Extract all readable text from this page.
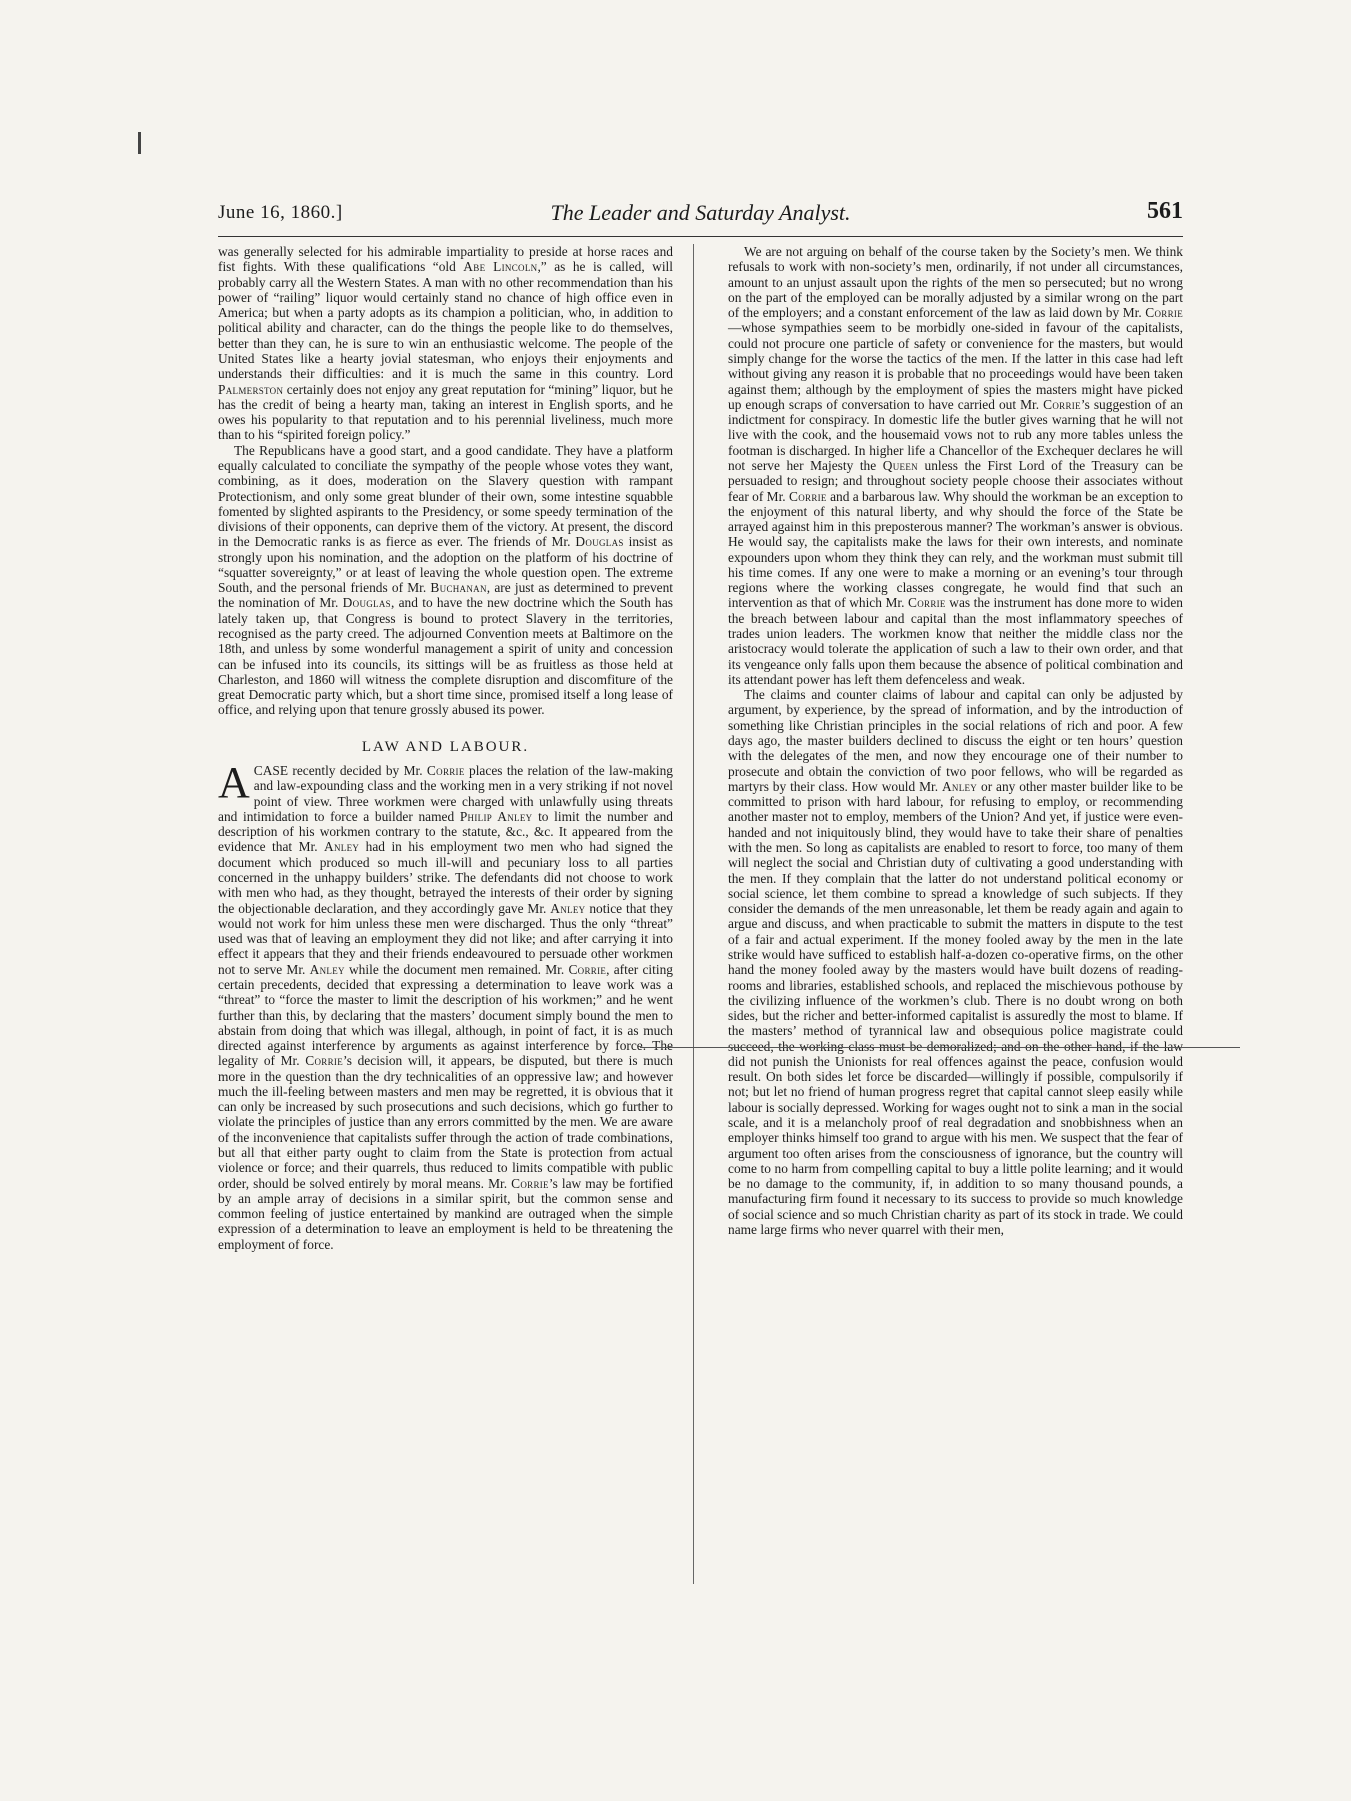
June 16, 1860.]	The Leader and Saturday Analyst.	561

was generally selected for his admirable impartiality to preside at horse races and fist fights. With these qualifications “old Abe Lincoln,” as he is called, will probably carry all the Western States. A man with no other recommendation than his power of “railing” liquor would certainly stand no chance of high office even in America; but when a party adopts as its champion a politician, who, in addition to political ability and character, can do the things the people like to do themselves, better than they can, he is sure to win an enthusiastic welcome. The people of the United States like a hearty jovial statesman, who enjoys their enjoyments and understands their difficulties: and it is much the same in this country. Lord Palmerston certainly does not enjoy any great reputation for “mining” liquor, but he has the credit of being a hearty man, taking an interest in English sports, and he owes his popularity to that reputation and to his perennial liveliness, much more than to his “spirited foreign policy.”

The Republicans have a good start, and a good candidate. They have a platform equally calculated to conciliate the sympathy of the people whose votes they want, combining, as it does, moderation on the Slavery question with rampant Protectionism, and only some great blunder of their own, some intestine squabble fomented by slighted aspirants to the Presidency, or some speedy termination of the divisions of their opponents, can deprive them of the victory. At present, the discord in the Democratic ranks is as fierce as ever. The friends of Mr. Douglas insist as strongly upon his nomination, and the adoption on the platform of his doctrine of “squatter sovereignty,” or at least of leaving the whole question open. The extreme South, and the personal friends of Mr. Buchanan, are just as determined to prevent the nomination of Mr. Douglas, and to have the new doctrine which the South has lately taken up, that Congress is bound to protect Slavery in the territories, recognised as the party creed. The adjourned Convention meets at Baltimore on the 18th, and unless by some wonderful management a spirit of unity and concession can be infused into its councils, its sittings will be as fruitless as those held at Charleston, and 1860 will witness the complete disruption and discomfiture of the great Democratic party which, but a short time since, promised itself a long lease of office, and relying upon that tenure grossly abused its power.

LAW AND LABOUR.

A CASE recently decided by Mr. Corrie places the relation of the law-making and law-expounding class and the working men in a very striking if not novel point of view. Three workmen were charged with unlawfully using threats and intimidation to force a builder named Philip Anley to limit the number and description of his workmen contrary to the statute, &c., &c. It appeared from the evidence that Mr. Anley had in his employment two men who had signed the document which produced so much ill-will and pecuniary loss to all parties concerned in the unhappy builders’ strike. The defendants did not choose to work with men who had, as they thought, betrayed the interests of their order by signing the objectionable declaration, and they accordingly gave Mr. Anley notice that they would not work for him unless these men were discharged. Thus the only “threat” used was that of leaving an employment they did not like; and after carrying it into effect it appears that they and their friends endeavoured to persuade other workmen not to serve Mr. Anley while the document men remained. Mr. Corrie, after citing certain precedents, decided that expressing a determination to leave work was a “threat” to “force the master to limit the description of his workmen;” and he went further than this, by declaring that the masters’ document simply bound the men to abstain from doing that which was illegal, although, in point of fact, it is as much directed against interference by arguments as against interference by force. The legality of Mr. Corrie’s decision will, it appears, be disputed, but there is much more in the question than the dry technicalities of an oppressive law; and however much the ill-feeling between masters and men may be regretted, it is obvious that it can only be increased by such prosecutions and such decisions, which go further to violate the principles of justice than any errors committed by the men. We are aware of the inconvenience that capitalists suffer through the action of trade combinations, but all that either party ought to claim from the State is protection from actual violence or force; and their quarrels, thus reduced to limits compatible with public order, should be solved entirely by moral means. Mr. Corrie’s law may be fortified by an ample array of decisions in a similar spirit, but the common sense and common feeling of justice entertained by mankind are outraged when the simple expression of a determination to leave an employment is held to be threatening the employment of force.

We are not arguing on behalf of the course taken by the Society’s men. We think refusals to work with non-society’s men, ordinarily, if not under all circumstances, amount to an unjust assault upon the rights of the men so persecuted; but no wrong on the part of the employed can be morally adjusted by a similar wrong on the part of the employers; and a constant enforcement of the law as laid down by Mr. Corrie—whose sympathies seem to be morbidly one-sided in favour of the capitalists, could not procure one particle of safety or convenience for the masters, but would simply change for the worse the tactics of the men. If the latter in this case had left without giving any reason it is probable that no proceedings would have been taken against them; although by the employment of spies the masters might have picked up enough scraps of conversation to have carried out Mr. Corrie’s suggestion of an indictment for conspiracy. In domestic life the butler gives warning that he will not live with the cook, and the housemaid vows not to rub any more tables unless the footman is discharged. In higher life a Chancellor of the Exchequer declares he will not serve her Majesty the Queen unless the First Lord of the Treasury can be persuaded to resign; and throughout society people choose their associates without fear of Mr. Corrie and a barbarous law. Why should the workman be an exception to the enjoyment of this natural liberty, and why should the force of the State be arrayed against him in this preposterous manner? The workman’s answer is obvious. He would say, the capitalists make the laws for their own interests, and nominate expounders upon whom they think they can rely, and the workman must submit till his time comes. If any one were to make a morning or an evening’s tour through regions where the working classes congregate, he would find that such an intervention as that of which Mr. Corrie was the instrument has done more to widen the breach between labour and capital than the most inflammatory speeches of trades union leaders. The workmen know that neither the middle class nor the aristocracy would tolerate the application of such a law to their own order, and that its vengeance only falls upon them because the absence of political combination and its attendant power has left them defenceless and weak.

The claims and counter claims of labour and capital can only be adjusted by argument, by experience, by the spread of information, and by the introduction of something like Christian principles in the social relations of rich and poor. A few days ago, the master builders declined to discuss the eight or ten hours’ question with the delegates of the men, and now they encourage one of their number to prosecute and obtain the conviction of two poor fellows, who will be regarded as martyrs by their class. How would Mr. Anley or any other master builder like to be committed to prison with hard labour, for refusing to employ, or recommending another master not to employ, members of the Union? And yet, if justice were even-handed and not iniquitously blind, they would have to take their share of penalties with the men. So long as capitalists are enabled to resort to force, too many of them will neglect the social and Christian duty of cultivating a good understanding with the men. If they complain that the latter do not understand political economy or social science, let them combine to spread a knowledge of such subjects. If they consider the demands of the men unreasonable, let them be ready again and again to argue and discuss, and when practicable to submit the matters in dispute to the test of a fair and actual experiment. If the money fooled away by the men in the late strike would have sufficed to establish half-a-dozen co-operative firms, on the other hand the money fooled away by the masters would have built dozens of reading-rooms and libraries, established schools, and replaced the mischievous pothouse by the civilizing influence of the workmen’s club. There is no doubt wrong on both sides, but the richer and better-informed capitalist is assuredly the most to blame. If the masters’ method of tyrannical law and obsequious police magistrate could succeed, the working class must be demoralized; and on the other hand, if the law did not punish the Unionists for real offences against the peace, confusion would result. On both sides let force be discarded—willingly if possible, compulsorily if not; but let no friend of human progress regret that capital cannot sleep easily while labour is socially depressed. Working for wages ought not to sink a man in the social scale, and it is a melancholy proof of real degradation and snobbishness when an employer thinks himself too grand to argue with his men. We suspect that the fear of argument too often arises from the consciousness of ignorance, but the country will come to no harm from compelling capital to buy a little polite learning; and it would be no damage to the community, if, in addition to so many thousand pounds, a manufacturing firm found it necessary to its success to provide so much knowledge of social science and so much Christian charity as part of its stock in trade. We could name large firms who never quarrel with their men,
